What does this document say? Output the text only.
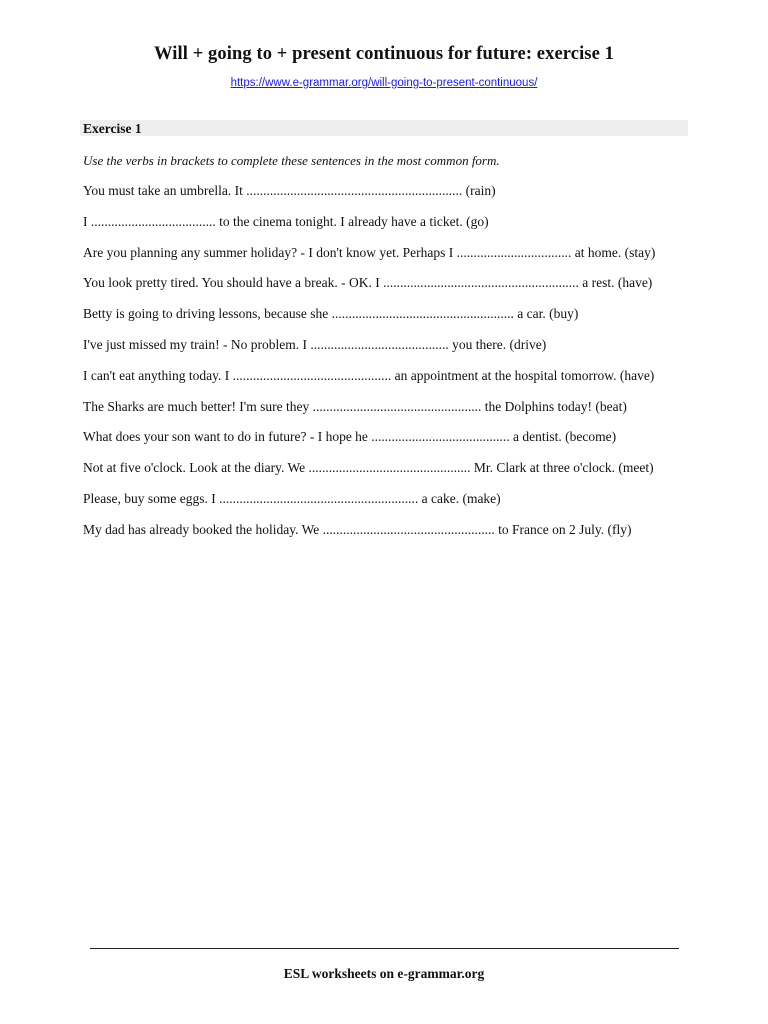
Will + going to + present continuous for future: exercise 1
https://www.e-grammar.org/will-going-to-present-continuous/
Exercise 1
Use the verbs in brackets to complete these sentences in the most common form.
You must take an umbrella. It ................................................................ (rain)
I ..................................... to the cinema tonight. I already have a ticket. (go)
Are you planning any summer holiday? - I don't know yet. Perhaps I .................................. at home. (stay)
You look pretty tired. You should have a break. - OK. I .......................................................... a rest. (have)
Betty is going to driving lessons, because she ...................................................... a car. (buy)
I've just missed my train! - No problem. I ......................................... you there. (drive)
I can't eat anything today. I ............................................... an appointment at the hospital tomorrow. (have)
The Sharks are much better! I'm sure they .................................................. the Dolphins today! (beat)
What does your son want to do in future? - I hope he ......................................... a dentist. (become)
Not at five o'clock. Look at the diary. We ................................................ Mr. Clark at three o'clock. (meet)
Please, buy some eggs. I ........................................................... a cake. (make)
My dad has already booked the holiday. We ................................................... to France on 2 July. (fly)
ESL worksheets on e-grammar.org
